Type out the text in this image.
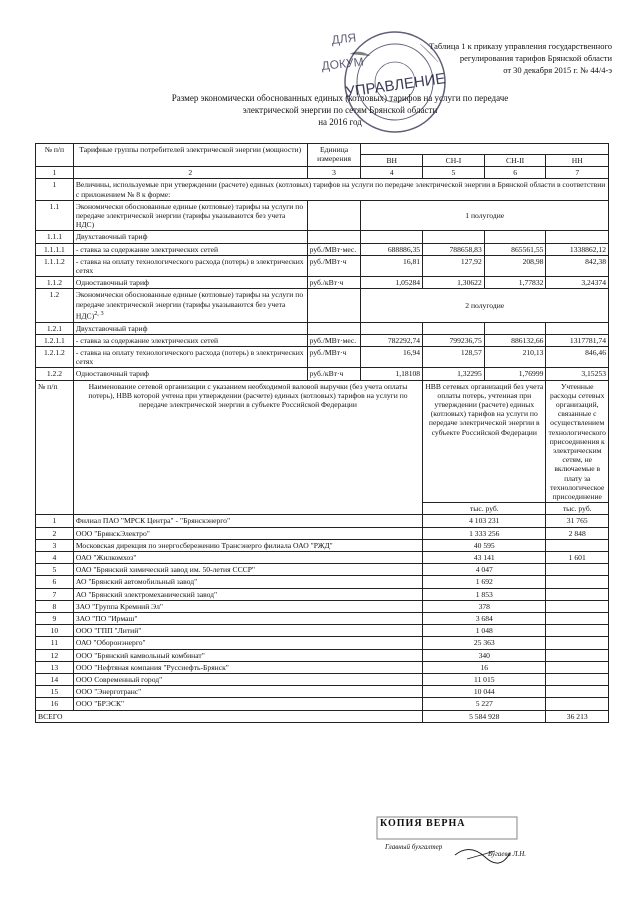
Таблица 1 к приказу управления государственного
регулирования тарифов Брянской области
от 30 декабря 2015 г. № 44/4-э
Размер экономически обоснованных единых (котловых) тарифов на услуги по передаче
электрической энергии по сетям Брянской области
на 2016 год
УПРАВЛЕНИЕ
ДЛЯ
ДОКУМ
№ п/п	Тарифные группы потребителей электрической энергии (мощности)	Единица измерения				
			ВН	СН-I	СН-II	НН
1	2	3	4	5	6	7
1	Величины, используемые при утверждении (расчете) единых (котловых) тарифов на услуги по передаче электрической энергии в Брянской области в соответствии с приложением № 8 к форме:					
1.1	Экономически обоснованные единые (котловые) тарифы на услуги по передаче электрической энергии (тарифы указываются без учета НДС)		1 полугодие			
1.1.1	Двухставочный тариф					
1.1.1.1	- ставка за содержание электрических сетей	руб./МВт·мес.	688886,35	788658,83	865561,55	1338862,12
1.1.1.2	- ставка на оплату технологического расхода (потерь) в электрических сетях	руб./МВт·ч	16,81	127,92	208,98	842,38
1.1.2	Одноставочный тариф	руб./кВт·ч	1,05284	1,30622	1,77832	3,24374
1.2	Экономически обоснованные единые (котловые) тарифы на услуги по передаче электрической энергии (тарифы указываются без учета НДС)$^{2, 3}$		2 полугодие			
1.2.1	Двухставочный тариф					
1.2.1.1	- ставка за содержание электрических сетей	руб./МВт·мес.	782292,74	799236,75	886132,66	1317781,74
1.2.1.2	- ставка на оплату технологического расхода (потерь) в электрических сетях	руб./МВт·ч	16,94	128,57	210,13	846,46
1.2.2	Одноставочный тариф	руб./кВт·ч	1,18108	1,32295	1,76999	3,15253
№ п/п	Наименование сетевой организации с указанием необходимой валовой выручки (без учета оплаты потерь), НВВ которой учтена при утверждении (расчете) единых (котловых) тарифов на услуги по передаче электрической энергии в субъекте Российской Федерации			НВВ сетевых организаций без учета оплаты потерь, учтенная при утверждении (расчете) единых (котловых) тарифов на услуги по передаче электрической энергии в субъекте Российской Федерации		Учтенные расходы сетевых организаций, связанные с осуществлением технологического присоединения к электрическим сетям, не включаемые в плату за технологическое присоединение
				тыс. руб.		тыс. руб.
1	Филиал ПАО "МРСК Центра" - "Брянскэнерго"			4 103 231		31 765
2	ООО "БрянскЭлектро"			1 333 256		2 848
3	Московская дирекция по энергосбережению Трансэнерго филиала ОАО "РЖД"			40 595		
4	ОАО "Жилкомхоз"			43 141		1 601
5	ОАО "Брянский химический завод им. 50-летия СССР"			4 047		
6	АО "Брянский автомобильный завод"			1 692		
7	АО "Брянский электромеханический завод"			1 853		
8	ЗАО "Группа Кремний Эл"			378		
9	ЗАО "ПО "Ирмаш"			3 684		
10	ООО "ГПП "Литий"			1 048		
11	ОАО "Оборонэнерго"			25 363		
12	ООО "Брянский камвольный комбинат"			340		
13	ООО "Нефтяная компания "Руссиефть-Брянск"			16		
14	ООО Современный город"			11 015		
15	ООО "Энерготранс"			10 044		
16	ООО "БРЭСК"			5 227		
ВСЕГО				5 584 928		36 213
КОПИЯ ВЕРНА
Главный бухгалтер
Бугаева Л.Н.
